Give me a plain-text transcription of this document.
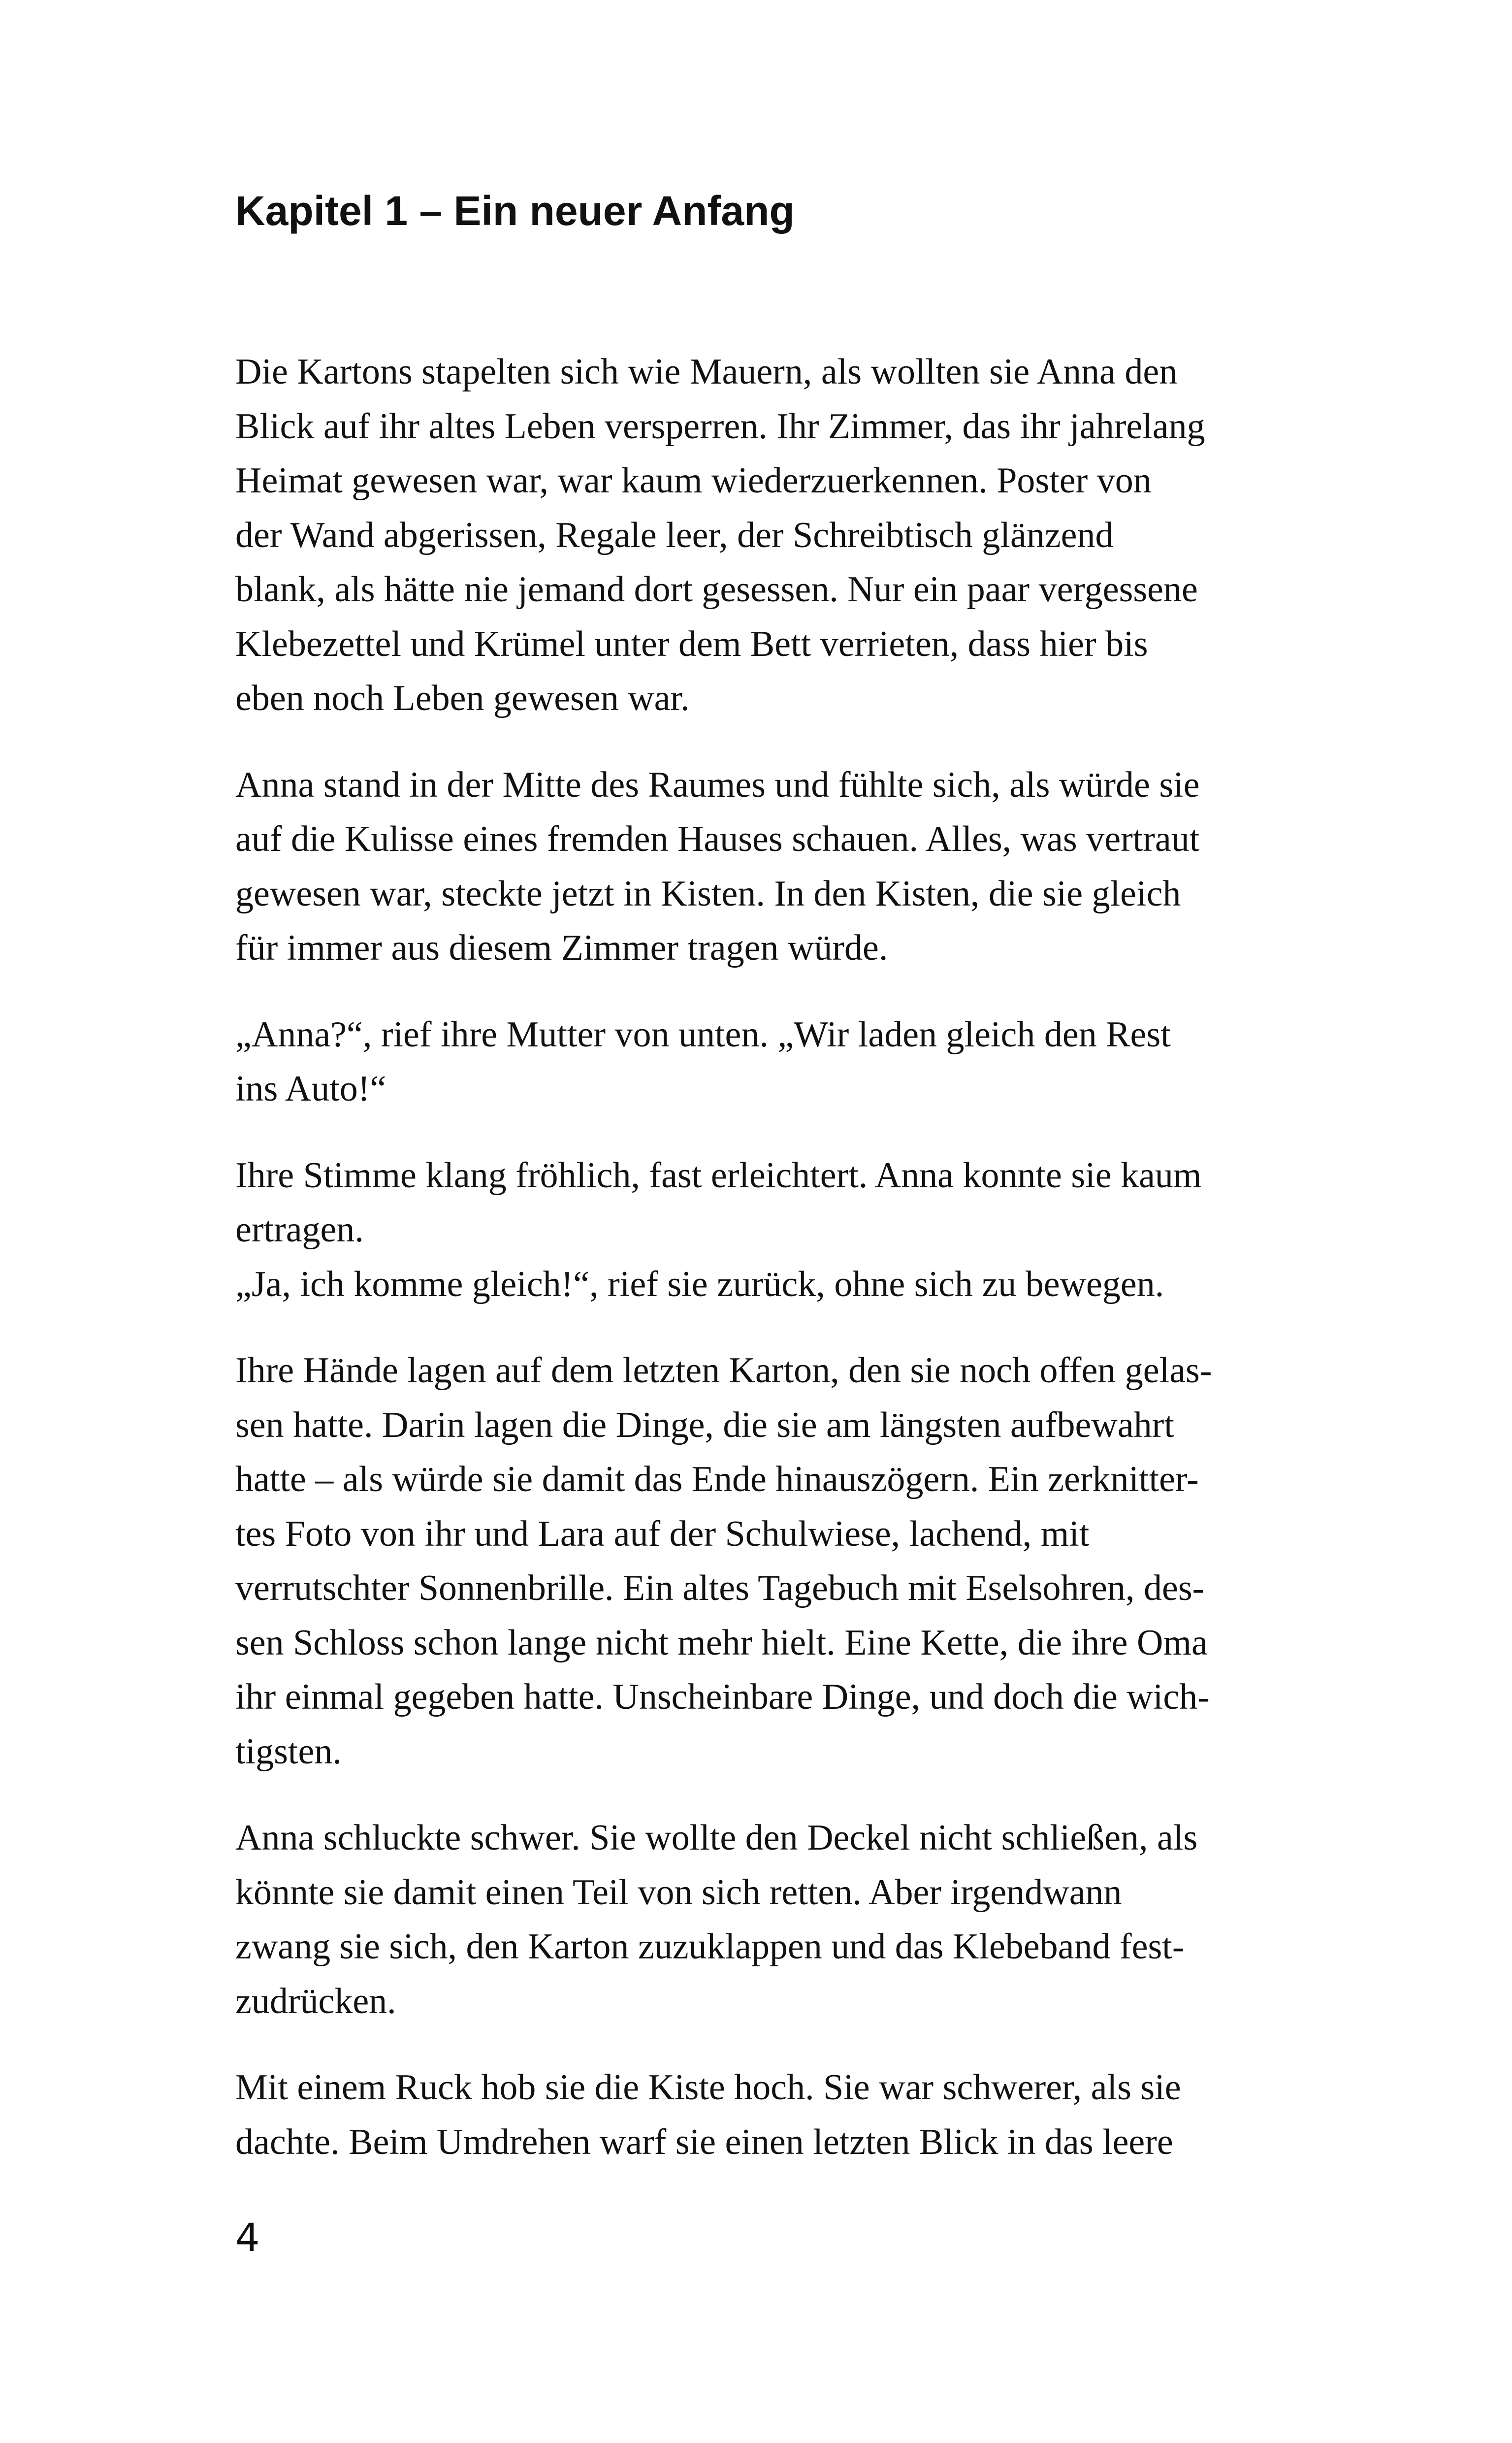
Kapitel 1 – Ein neuer Anfang

Die Kartons stapelten sich wie Mauern, als wollten sie Anna den
Blick auf ihr altes Leben versperren. Ihr Zimmer, das ihr jahrelang
Heimat gewesen war, war kaum wiederzuerkennen. Poster von
der Wand abgerissen, Regale leer, der Schreibtisch glänzend
blank, als hätte nie jemand dort gesessen. Nur ein paar vergessene
Klebezettel und Krümel unter dem Bett verrieten, dass hier bis
eben noch Leben gewesen war.

Anna stand in der Mitte des Raumes und fühlte sich, als würde sie
auf die Kulisse eines fremden Hauses schauen. Alles, was vertraut
gewesen war, steckte jetzt in Kisten. In den Kisten, die sie gleich
für immer aus diesem Zimmer tragen würde.

„Anna?“, rief ihre Mutter von unten. „Wir laden gleich den Rest
ins Auto!“

Ihre Stimme klang fröhlich, fast erleichtert. Anna konnte sie kaum
ertragen.
„Ja, ich komme gleich!“, rief sie zurück, ohne sich zu bewegen.

Ihre Hände lagen auf dem letzten Karton, den sie noch offen gelas-
sen hatte. Darin lagen die Dinge, die sie am längsten aufbewahrt
hatte – als würde sie damit das Ende hinauszögern. Ein zerknitter-
tes Foto von ihr und Lara auf der Schulwiese, lachend, mit
verrutschter Sonnenbrille. Ein altes Tagebuch mit Eselsohren, des-
sen Schloss schon lange nicht mehr hielt. Eine Kette, die ihre Oma
ihr einmal gegeben hatte. Unscheinbare Dinge, und doch die wich-
tigsten.

Anna schluckte schwer. Sie wollte den Deckel nicht schließen, als
könnte sie damit einen Teil von sich retten. Aber irgendwann
zwang sie sich, den Karton zuzuklappen und das Klebeband fest-
zudrücken.

Mit einem Ruck hob sie die Kiste hoch. Sie war schwerer, als sie
dachte. Beim Umdrehen warf sie einen letzten Blick in das leere

4
